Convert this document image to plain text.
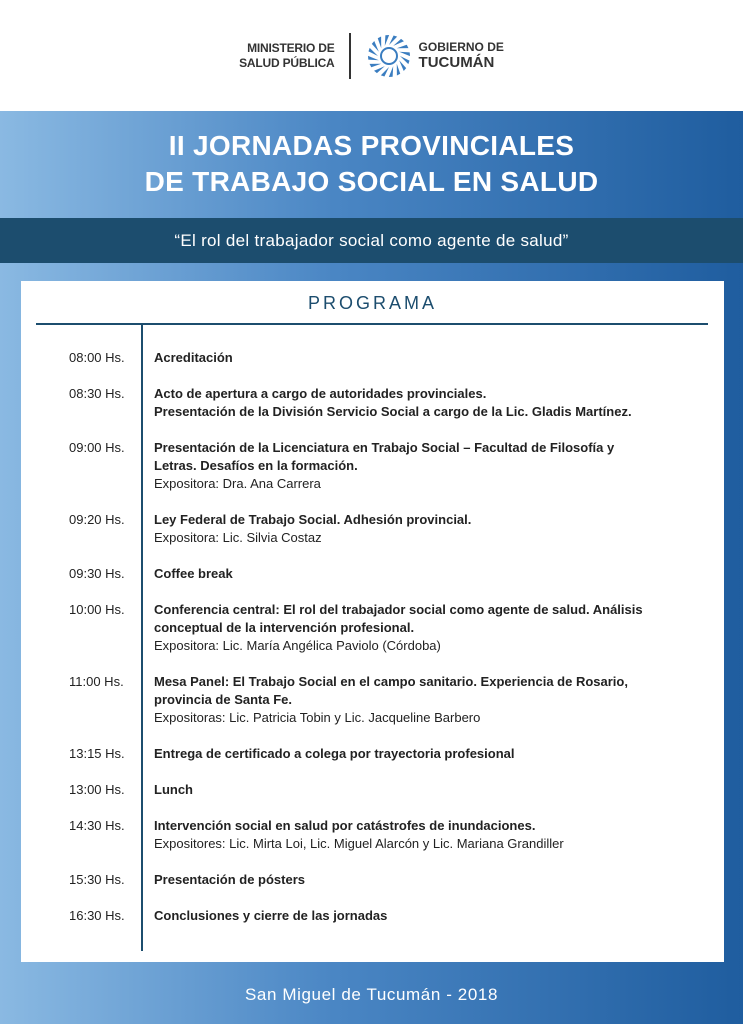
MINISTERIO DE
SALUD PÚBLICA
GOBIERNO DE
TUCUMÁN
II JORNADAS PROVINCIALES
DE TRABAJO SOCIAL EN SALUD
“El rol del trabajador social como agente de salud”
PROGRAMA
08:00 Hs.	Acreditación
08:30 Hs.	Acto de apertura a cargo de autoridades provinciales.
Presentación de la División Servicio Social a cargo de la Lic. Gladis Martínez.
09:00 Hs.	Presentación de la Licenciatura en Trabajo Social – Facultad de Filosofía y
Letras. Desafíos en la formación.
Expositora: Dra. Ana Carrera
09:20 Hs.	Ley Federal de Trabajo Social. Adhesión provincial.
Expositora: Lic. Silvia Costaz
09:30 Hs.	Coffee break
10:00 Hs.	Conferencia central: El rol del trabajador social como agente de salud. Análisis
conceptual de la intervención profesional.
Expositora: Lic. María Angélica Paviolo (Córdoba)
11:00 Hs.	Mesa Panel: El Trabajo Social en el campo sanitario. Experiencia de Rosario,
provincia de Santa Fe.
Expositoras: Lic. Patricia Tobin y Lic. Jacqueline Barbero
13:15 Hs.	Entrega de certificado a colega por trayectoria profesional
13:00 Hs.	Lunch
14:30 Hs.	Intervención social en salud por catástrofes de inundaciones.
Expositores: Lic. Mirta Loi, Lic. Miguel Alarcón y Lic. Mariana Grandiller
15:30 Hs.	Presentación de pósters
16:30 Hs.	Conclusiones y cierre de las jornadas
San Miguel de Tucumán - 2018
